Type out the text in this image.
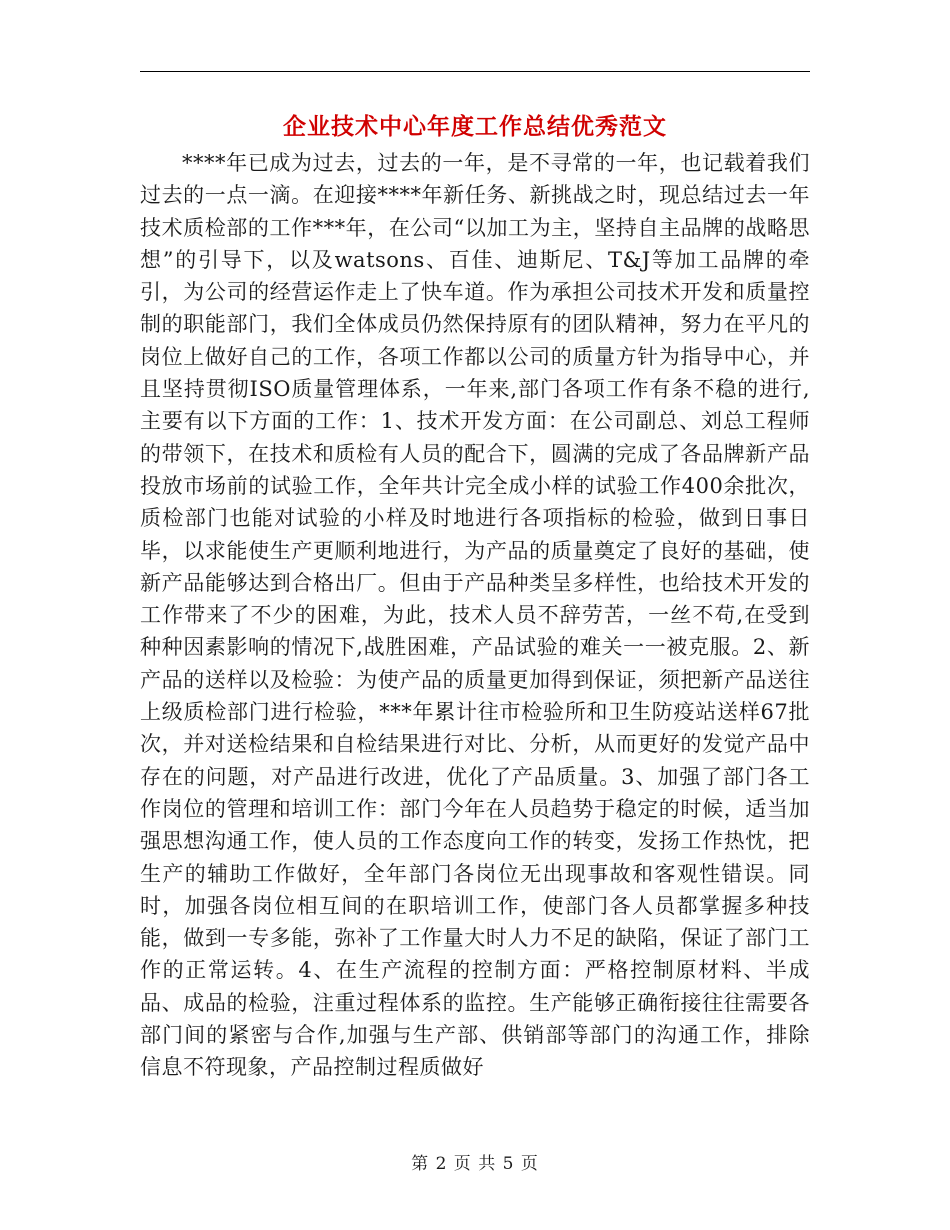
企业技术中心年度工作总结优秀范文

****年已成为过去，过去的一年，是不寻常的一年，也记载着我们过去的一点一滴。在迎接****年新任务、新挑战之时，现总结过去一年技术质检部的工作***年，在公司“以加工为主，坚持自主品牌的战略思想”的引导下，以及watsons、百佳、迪斯尼、T&J等加工品牌的牵引，为公司的经营运作走上了快车道。作为承担公司技术开发和质量控制的职能部门，我们全体成员仍然保持原有的团队精神，努力在平凡的岗位上做好自己的工作，各项工作都以公司的质量方针为指导中心，并且坚持贯彻ISO质量管理体系，一年来,部门各项工作有条不稳的进行,主要有以下方面的工作：1、技术开发方面：在公司副总、刘总工程师的带领下，在技术和质检有人员的配合下，圆满的完成了各品牌新产品投放市场前的试验工作，全年共计完全成小样的试验工作400余批次，质检部门也能对试验的小样及时地进行各项指标的检验，做到日事日毕，以求能使生产更顺利地进行，为产品的质量奠定了良好的基础，使新产品能够达到合格出厂。但由于产品种类呈多样性，也给技术开发的工作带来了不少的困难，为此，技术人员不辞劳苦，一丝不苟,在受到种种因素影响的情况下,战胜困难，产品试验的难关一一被克服。2、新产品的送样以及检验：为使产品的质量更加得到保证，须把新产品送往上级质检部门进行检验，***年累计往市检验所和卫生防疫站送样67批次，并对送检结果和自检结果进行对比、分析，从而更好的发觉产品中存在的问题，对产品进行改进，优化了产品质量。3、加强了部门各工作岗位的管理和培训工作：部门今年在人员趋势于稳定的时候，适当加强思想沟通工作，使人员的工作态度向工作的转变，发扬工作热忱，把生产的辅助工作做好，全年部门各岗位无出现事故和客观性错误。同时，加强各岗位相互间的在职培训工作，使部门各人员都掌握多种技能，做到一专多能，弥补了工作量大时人力不足的缺陷，保证了部门工作的正常运转。4、在生产流程的控制方面：严格控制原材料、半成品、成品的检验，注重过程体系的监控。生产能够正确衔接往往需要各部门间的紧密与合作,加强与生产部、供销部等部门的沟通工作，排除信息不符现象，产品控制过程质做好

第 2 页 共 5 页
